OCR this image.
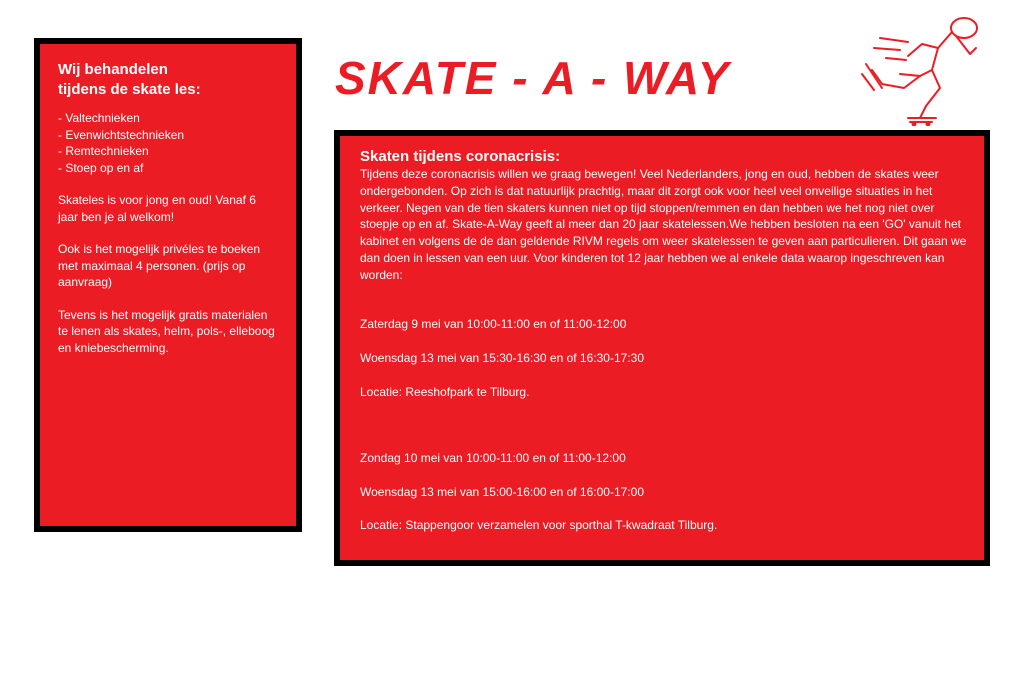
Wij behandelen
tijdens de skate les:
- Valtechnieken
- Evenwichtstechnieken
- Remtechnieken
- Stoep op en af
Skateles is voor jong en oud! Vanaf 6 jaar ben je al welkom!
Ook is het mogelijk privéles te boeken met maximaal 4 personen. (prijs op aanvraag)
Tevens is het mogelijk gratis materialen te lenen als skates, helm, pols-, elleboog en kniebescherming.
SKATE - A - WAY
Skaten tijdens coronacrisis:
Tijdens deze coronacrisis willen we graag bewegen! Veel Nederlanders, jong en oud, hebben de skates weer ondergebonden. Op zich is dat natuurlijk prachtig, maar dit zorgt ook voor heel veel onveilige situaties in het verkeer. Negen van de tien skaters kunnen niet op tijd stoppen/remmen en dan hebben we het nog niet over stoepje op en af. Skate-A-Way geeft al meer dan 20 jaar skatelessen.We hebben besloten na een 'GO' vanuit het kabinet en volgens de de dan geldende RIVM regels om weer skatelessen te geven aan particulieren. Dit gaan we dan doen in lessen van een uur. Voor kinderen tot 12 jaar hebben we al enkele data waarop ingeschreven kan worden:

Zaterdag 9 mei van 10:00-11:00 en of 11:00-12:00

Woensdag 13 mei van 15:30-16:30 en of 16:30-17:30

Locatie: Reeshofpark te Tilburg.

Zondag 10 mei van 10:00-11:00 en of 11:00-12:00

Woensdag 13 mei van 15:00-16:00 en of 16:00-17:00

Locatie: Stappengoor verzamelen voor sporthal T-kwadraat Tilburg.

De kosten van de lessen hebben wij relatief laag gehouden. Per uur betaalt u €12,50 per kind. U kunt uw kind voor een of meerdere les(sen) inschrijven!
Opgeven per mail. Er is maximaal plaats voor 10 kinderen per groep. Voor volwassenen is het nu niet mogelijk om skate lessen te organiseren. U kunt wel alvast kenbaar maken of u interesse heeft in deze les(sen).
U kunt uzelf aanmelden door te mailen naar G.elesen@home.nl
